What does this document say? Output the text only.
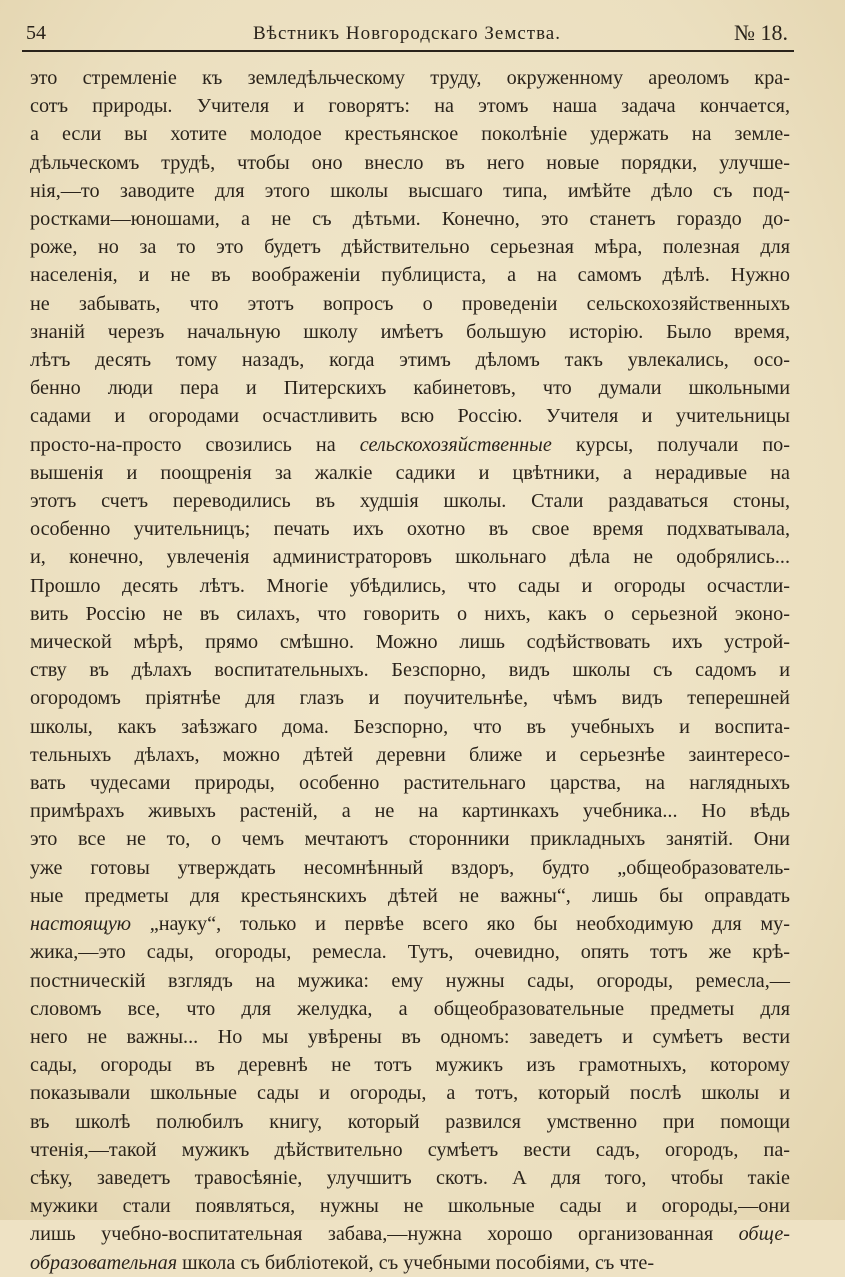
54	Вѣстникъ Новгородскаго Земства.	№ 18.
это стремленіе къ земледѣльческому труду, окруженному ареоломъ кра-
сотъ природы. Учителя и говорятъ: на этомъ наша задача кончается,
а если вы хотите молодое крестьянское поколѣніе удержать на земле-
дѣльческомъ трудѣ, чтобы оно внесло въ него новые порядки, улучше-
нія,—то заводите для этого школы высшаго типа, имѣйте дѣло съ под-
ростками—юношами, а не съ дѣтьми. Конечно, это станетъ гораздо до-
роже, но за то это будетъ дѣйствительно серьезная мѣра, полезная для
населенія, и не въ воображеніи публициста, а на самомъ дѣлѣ. Нужно
не забывать, что этотъ вопросъ о проведеніи сельскохозяйственныхъ
знаній черезъ начальную школу имѣетъ большую исторію. Было время,
лѣтъ десять тому назадъ, когда этимъ дѣломъ такъ увлекались, осо-
бенно люди пера и Питерскихъ кабинетовъ, что думали школьными
садами и огородами осчастливить всю Россію. Учителя и учительницы
просто-на-просто свозились на сельскохозяйственные курсы, получали по-
вышенія и поощренія за жалкіе садики и цвѣтники, а нерадивые на
этотъ счетъ переводились въ худшія школы. Стали раздаваться стоны,
особенно учительницъ; печать ихъ охотно въ свое время подхватывала,
и, конечно, увлеченія администраторовъ школьнаго дѣла не одобрялись...
Прошло десять лѣтъ. Многіе убѣдились, что сады и огороды осчастли-
вить Россію не въ силахъ, что говорить о нихъ, какъ о серьезной эконо-
мической мѣрѣ, прямо смѣшно. Можно лишь содѣйствовать ихъ устрой-
ству въ дѣлахъ воспитательныхъ. Безспорно, видъ школы съ садомъ и
огородомъ пріятнѣе для глазъ и поучительнѣе, чѣмъ видъ теперешней
школы, какъ заѣзжаго дома. Безспорно, что въ учебныхъ и воспита-
тельныхъ дѣлахъ, можно дѣтей деревни ближе и серьезнѣе заинтересо-
вать чудесами природы, особенно растительнаго царства, на наглядныхъ
примѣрахъ живыхъ растеній, а не на картинкахъ учебника... Но вѣдь
это все не то, о чемъ мечтаютъ сторонники прикладныхъ занятій. Они
уже готовы утверждать несомнѣнный вздоръ, будто „общеобразователь-
ные предметы для крестьянскихъ дѣтей не важны“, лишь бы оправдать
настоящую „науку“, только и первѣе всего яко бы необходимую для му-
жика,—это сады, огороды, ремесла. Тутъ, очевидно, опять тотъ же крѣ-
постническій взглядъ на мужика: ему нужны сады, огороды, ремесла,—
словомъ все, что для желудка, а общеобразовательные предметы для
него не важны... Но мы увѣрены въ одномъ: заведетъ и сумѣетъ вести
сады, огороды въ деревнѣ не тотъ мужикъ изъ грамотныхъ, которому
показывали школьные сады и огороды, а тотъ, который послѣ школы и
въ школѣ полюбилъ книгу, который развился умственно при помощи
чтенія,—такой мужикъ дѣйствительно сумѣетъ вести садъ, огородъ, па-
сѣку, заведетъ травосѣяніе, улучшитъ скотъ. А для того, чтобы такіе
мужики стали появляться, нужны не школьные сады и огороды,—они
лишь учебно-воспитательная забава,—нужна хорошо организованная обще-
образовательная школа съ библіотекой, съ учебными пособіями, съ чте-
